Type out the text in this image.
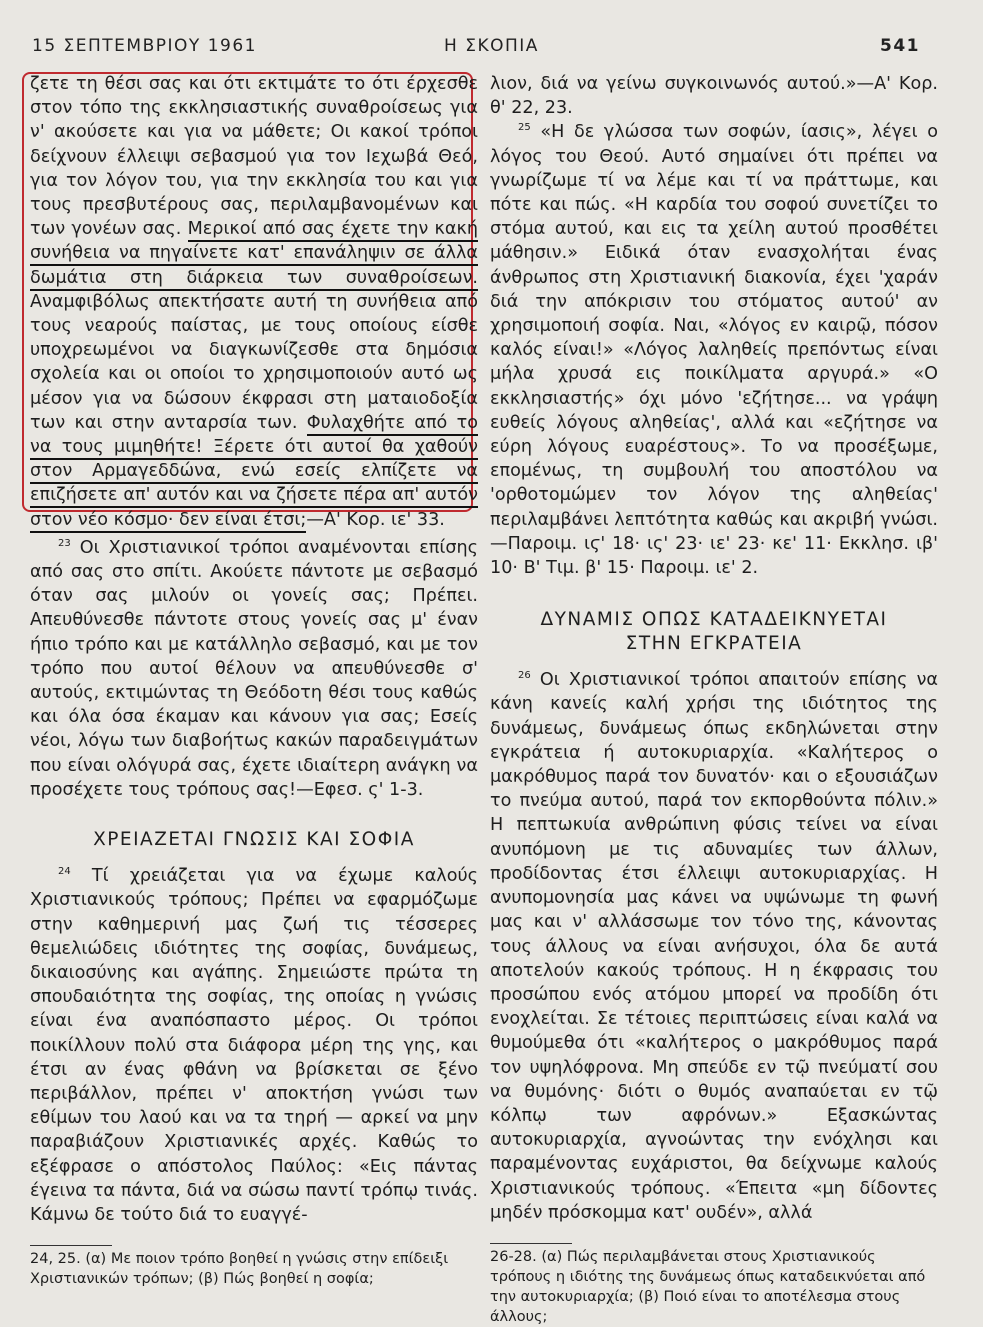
15 ΣΕΠΤΕΜΒΡΙΟΥ 1961	Η ΣΚΟΠΙΑ	541

ζετε τη θέσι σας και ότι εκτιμάτε το ότι έρχεσθε στον τόπο της εκκλησιαστικής συναθροίσεως για ν' ακούσετε και για να μάθετε; Οι κακοί τρόποι δείχνουν έλλειψι σεβασμού για τον Ιεχωβά Θεό, για τον λόγον του, για την εκκλησία του και για τους πρεσβυτέρους σας, περιλαμβανομένων και των γονέων σας. Μερικοί από σας έχετε την κακή συνήθεια να πηγαίνετε κατ' επανάληψιν σε άλλα δωμάτια στη διάρκεια των συναθροίσεων. Αναμφιβόλως απεκτήσατε αυτή τη συνήθεια από τους νεαρούς παίστας, με τους οποίους είσθε υποχρεωμένοι να διαγκωνίζεσθε στα δημόσια σχολεία και οι οποίοι το χρησιμοποιούν αυτό ως μέσον για να δώσουν έκφρασι στη ματαιοδοξία των και στην ανταρσία των. Φυλαχθήτε από το να τους μιμηθήτε! Ξέρετε ότι αυτοί θα χαθούν στον Αρμαγεδδώνα, ενώ εσείς ελπίζετε να επιζήσετε απ' αυτόν και να ζήσετε πέρα απ' αυτόν στον νέο κόσμο· δεν είναι έτσι;—Α' Κορ. ιε' 33.

$^{23}$ Οι Χριστιανικοί τρόποι αναμένονται επίσης από σας στο σπίτι. Ακούετε πάντοτε με σεβασμό όταν σας μιλούν οι γονείς σας; Πρέπει. Απευθύνεσθε πάντοτε στους γονείς σας μ' έναν ήπιο τρόπο και με κατάλληλο σεβασμό, και με τον τρόπο που αυτοί θέλουν να απευθύνεσθε σ' αυτούς, εκτιμώντας τη Θεόδοτη θέσι τους καθώς και όλα όσα έκαμαν και κάνουν για σας; Εσείς νέοι, λόγω των διαβοήτως κακών παραδειγμάτων που είναι ολόγυρά σας, έχετε ιδιαίτερη ανάγκη να προσέχετε τους τρόπους σας!—Εφεσ. ς' 1-3.

ΧΡΕΙΑΖΕΤΑΙ ΓΝΩΣΙΣ ΚΑΙ ΣΟΦΙΑ

$^{24}$ Τί χρειάζεται για να έχωμε καλούς Χριστιανικούς τρόπους; Πρέπει να εφαρμόζωμε στην καθημερινή μας ζωή τις τέσσερες θεμελιώδεις ιδιότητες της σοφίας, δυνάμεως, δικαιοσύνης και αγάπης. Σημειώστε πρώτα τη σπουδαιότητα της σοφίας, της οποίας η γνώσις είναι ένα αναπόσπαστο μέρος. Οι τρόποι ποικίλλουν πολύ στα διάφορα μέρη της γης, και έτσι αν ένας φθάνη να βρίσκεται σε ξένο περιβάλλον, πρέπει ν' αποκτήση γνώσι των εθίμων του λαού και να τα τηρή — αρκεί να μην παραβιάζουν Χριστιανικές αρχές. Καθώς το εξέφρασε ο απόστολος Παύλος: «Εις πάντας έγεινα τα πάντα, διά να σώσω παντί τρόπῳ τινάς. Κάμνω δε τούτο διά το ευαγγέ-

24, 25. (α) Με ποιον τρόπο βοηθεί η γνώσις στην επίδειξι Χριστιανικών τρόπων; (β) Πώς βοηθεί η σοφία;

λιον, διά να γείνω συγκοινωνός αυτού.»—Α' Κορ. θ' 22, 23.

$^{25}$ «Η δε γλώσσα των σοφών, ίασις», λέγει ο λόγος του Θεού. Αυτό σημαίνει ότι πρέπει να γνωρίζωμε τί να λέμε και τί να πράττωμε, και πότε και πώς. «Η καρδία του σοφού συνετίζει το στόμα αυτού, και εις τα χείλη αυτού προσθέτει μάθησιν.» Ειδικά όταν ενασχολήται ένας άνθρωπος στη Χριστιανική διακονία, έχει 'χαράν διά την απόκρισιν του στόματος αυτού' αν χρησιμοποιή σοφία. Ναι, «λόγος εν καιρῷ, πόσον καλός είναι!» «Λόγος λαληθείς πρεπόντως είναι μήλα χρυσά εις ποικίλματα αργυρά.» «Ο εκκλησιαστής» όχι μόνο 'εζήτησε... να γράψη ευθείς λόγους αληθείας', αλλά και «εζήτησε να εύρη λόγους ευαρέστους». Το να προσέξωμε, επομένως, τη συμβουλή του αποστόλου να 'ορθοτομώμεν τον λόγον της αληθείας' περιλαμβάνει λεπτότητα καθώς και ακριβή γνώσι.—Παροιμ. ιϛ' 18· ις' 23· ιε' 23· κε' 11· Εκκλησ. ιβ' 10· Β' Τιμ. β' 15· Παροιμ. ιε' 2.

ΔΥΝΑΜΙΣ ΟΠΩΣ ΚΑΤΑΔΕΙΚΝΥΕΤΑΙ
ΣΤΗΝ ΕΓΚΡΑΤΕΙΑ

$^{26}$ Οι Χριστιανικοί τρόποι απαιτούν επίσης να κάνη κανείς καλή χρήσι της ιδιότητος της δυνάμεως, δυνάμεως όπως εκδηλώνεται στην εγκράτεια ή αυτοκυριαρχία. «Καλήτερος ο μακρόθυμος παρά τον δυνατόν· και ο εξουσιάζων το πνεύμα αυτού, παρά τον εκπορθούντα πόλιν.» Η πεπτωκυία ανθρώπινη φύσις τείνει να είναι ανυπόμονη με τις αδυναμίες των άλλων, προδίδοντας έτσι έλλειψι αυτοκυριαρχίας. Η ανυπομονησία μας κάνει να υψώνωμε τη φωνή μας και ν' αλλάσσωμε τον τόνο της, κάνοντας τους άλλους να είναι ανήσυχοι, όλα δε αυτά αποτελούν κακούς τρόπους. Η η έκφρασις του προσώπου ενός ατόμου μπορεί να προδίδη ότι ενοχλείται. Σε τέτοιες περιπτώσεις είναι καλά να θυμούμεθα ότι «καλήτερος ο μακρόθυμος παρά τον υψηλόφρονα. Μη σπεύδε εν τῷ πνεύματί σου να θυμόνης· διότι ο θυμός αναπαύεται εν τῷ κόλπῳ των αφρόνων.» Εξασκώντας αυτοκυριαρχία, αγνοώντας την ενόχλησι και παραμένοντας ευχάριστοι, θα δείχνωμε καλούς Χριστιανικούς τρόπους. «Έπειτα «μη δίδοντες μηδέν πρόσκομμα κατ' ουδέν», αλλά

26-28. (α) Πώς περιλαμβάνεται στους Χριστιανικούς τρόπους η ιδιότης της δυνάμεως όπως καταδεικνύεται από την αυτοκυριαρχία; (β) Ποιό είναι το αποτέλεσμα στους άλλους;
